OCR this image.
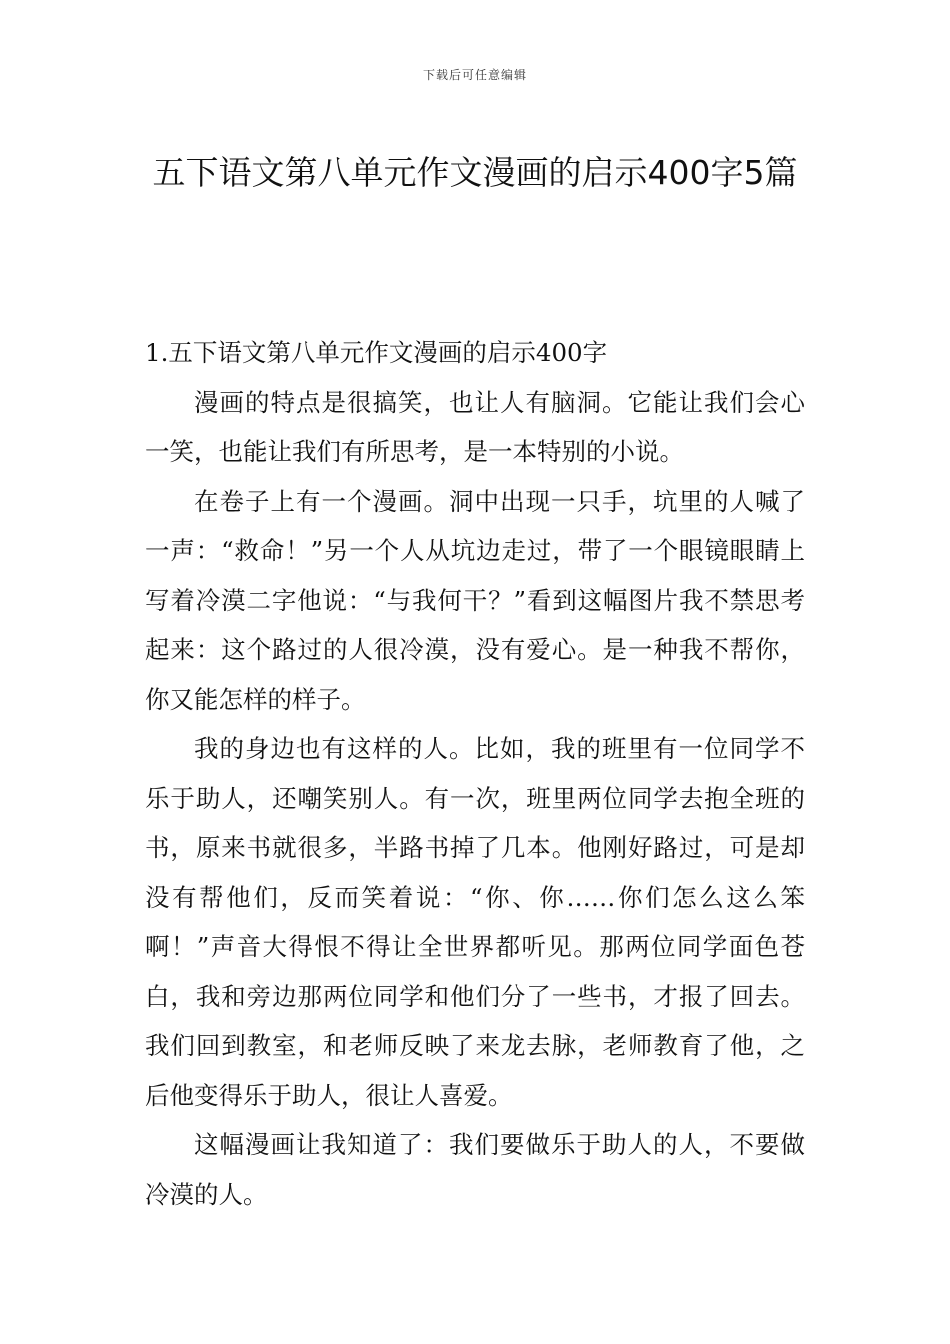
下载后可任意编辑
五下语文第八单元作文漫画的启示400字5篇

1.五下语文第八单元作文漫画的启示400字

漫画的特点是很搞笑，也让人有脑洞。它能让我们会心一笑，也能让我们有所思考，是一本特别的小说。

在卷子上有一个漫画。洞中出现一只手，坑里的人喊了一声：“救命！”另一个人从坑边走过，带了一个眼镜眼睛上写着冷漠二字他说：“与我何干？”看到这幅图片我不禁思考起来：这个路过的人很冷漠，没有爱心。是一种我不帮你，你又能怎样的样子。

我的身边也有这样的人。比如，我的班里有一位同学不乐于助人，还嘲笑别人。有一次，班里两位同学去抱全班的书，原来书就很多，半路书掉了几本。他刚好路过，可是却没有帮他们，反而笑着说：“你、你……你们怎么这么笨啊！”声音大得恨不得让全世界都听见。那两位同学面色苍白，我和旁边那两位同学和他们分了一些书，才报了回去。我们回到教室，和老师反映了来龙去脉，老师教育了他，之后他变得乐于助人，很让人喜爱。

这幅漫画让我知道了：我们要做乐于助人的人，不要做冷漠的人。
